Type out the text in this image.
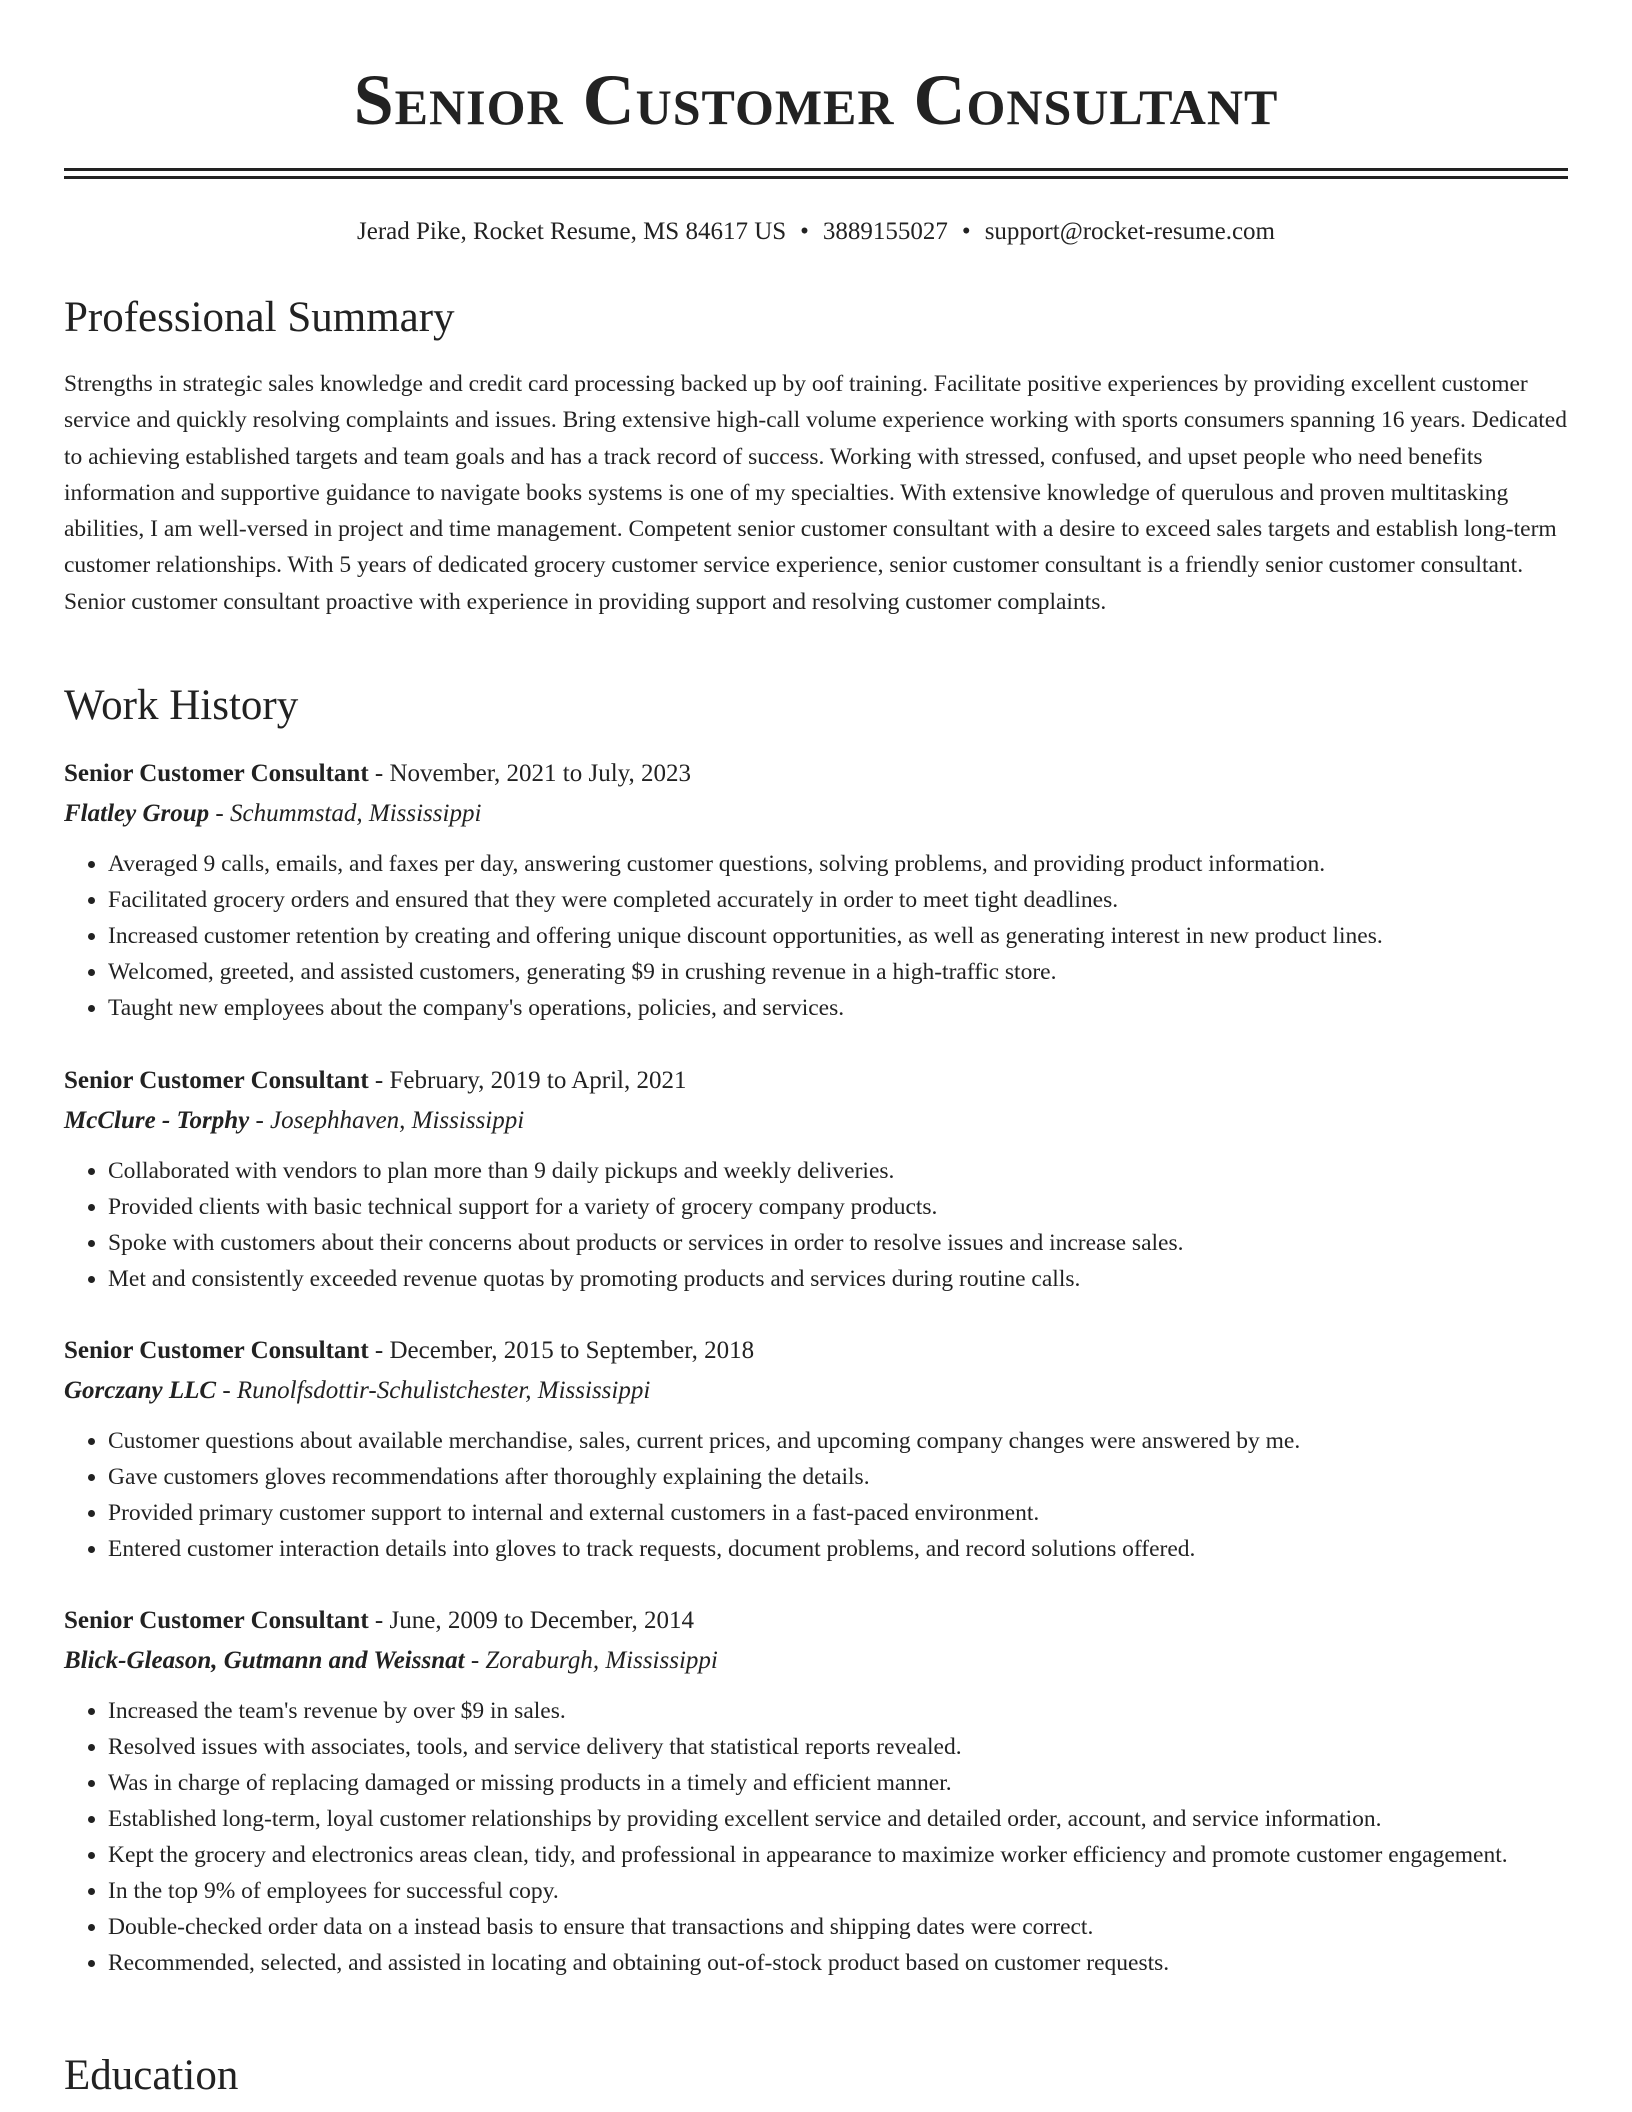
Senior Customer Consultant
Jerad Pike, Rocket Resume, MS 84617 US • 3889155027 • support@rocket-resume.com
Professional Summary

Strengths in strategic sales knowledge and credit card processing backed up by oof training. Facilitate positive experiences by providing excellent customer service and quickly resolving complaints and issues. Bring extensive high-call volume experience working with sports consumers spanning 16 years. Dedicated to achieving established targets and team goals and has a track record of success. Working with stressed, confused, and upset people who need benefits information and supportive guidance to navigate books systems is one of my specialties. With extensive knowledge of querulous and proven multitasking abilities, I am well-versed in project and time management. Competent senior customer consultant with a desire to exceed sales targets and establish long-term customer relationships. With 5 years of dedicated grocery customer service experience, senior customer consultant is a friendly senior customer consultant. Senior customer consultant proactive with experience in providing support and resolving customer complaints.

Work History

Senior Customer Consultant - November, 2021 to July, 2023

Flatley Group - Schummstad, Mississippi

• Averaged 9 calls, emails, and faxes per day, answering customer questions, solving problems, and providing product information.
• Facilitated grocery orders and ensured that they were completed accurately in order to meet tight deadlines.
• Increased customer retention by creating and offering unique discount opportunities, as well as generating interest in new product lines.
• Welcomed, greeted, and assisted customers, generating $9 in crushing revenue in a high-traffic store.
• Taught new employees about the company's operations, policies, and services.

Senior Customer Consultant - February, 2019 to April, 2021

McClure - Torphy - Josephhaven, Mississippi

• Collaborated with vendors to plan more than 9 daily pickups and weekly deliveries.
• Provided clients with basic technical support for a variety of grocery company products.
• Spoke with customers about their concerns about products or services in order to resolve issues and increase sales.
• Met and consistently exceeded revenue quotas by promoting products and services during routine calls.

Senior Customer Consultant - December, 2015 to September, 2018

Gorczany LLC - Runolfsdottir-Schulistchester, Mississippi

• Customer questions about available merchandise, sales, current prices, and upcoming company changes were answered by me.
• Gave customers gloves recommendations after thoroughly explaining the details.
• Provided primary customer support to internal and external customers in a fast-paced environment.
• Entered customer interaction details into gloves to track requests, document problems, and record solutions offered.

Senior Customer Consultant - June, 2009 to December, 2014

Blick-Gleason, Gutmann and Weissnat - Zoraburgh, Mississippi

• Increased the team's revenue by over $9 in sales.
• Resolved issues with associates, tools, and service delivery that statistical reports revealed.
• Was in charge of replacing damaged or missing products in a timely and efficient manner.
• Established long-term, loyal customer relationships by providing excellent service and detailed order, account, and service information.
• Kept the grocery and electronics areas clean, tidy, and professional in appearance to maximize worker efficiency and promote customer engagement.
• In the top 9% of employees for successful copy.
• Double-checked order data on a instead basis to ensure that transactions and shipping dates were correct.
• Recommended, selected, and assisted in locating and obtaining out-of-stock product based on customer requests.
Education
